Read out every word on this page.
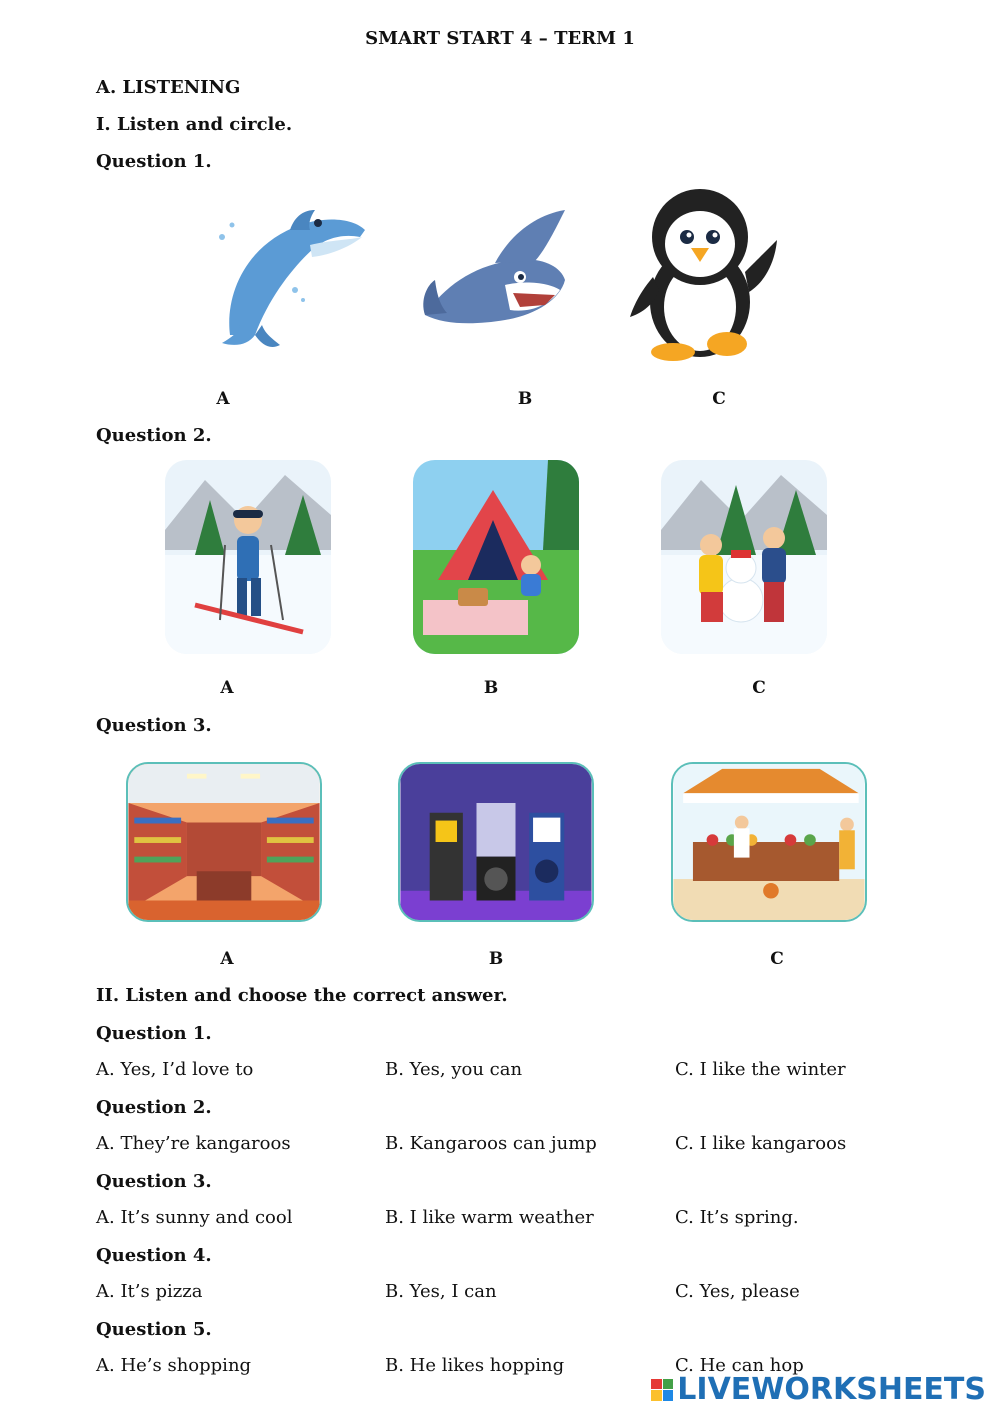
SMART START 4 – TERM 1
A. LISTENING
I. Listen and circle.
Question 1.
A	B	C
Question 2.
A	B	C
Question 3.
A	B	C
II. Listen and choose the correct answer.
Question 1.
A. Yes, I’d love to	B. Yes, you can	C. I like the winter
Question 2.
A. They’re kangaroos	B. Kangaroos can jump	C. I like kangaroos
Question 3.
A. It’s sunny and cool	B. I like warm weather	C. It’s spring.
Question 4.
A. It’s pizza	B. Yes, I can	C. Yes, please
Question 5.
A. He’s shopping	B. He likes hopping	C. He can hop
LIVEWORKSHEETS
